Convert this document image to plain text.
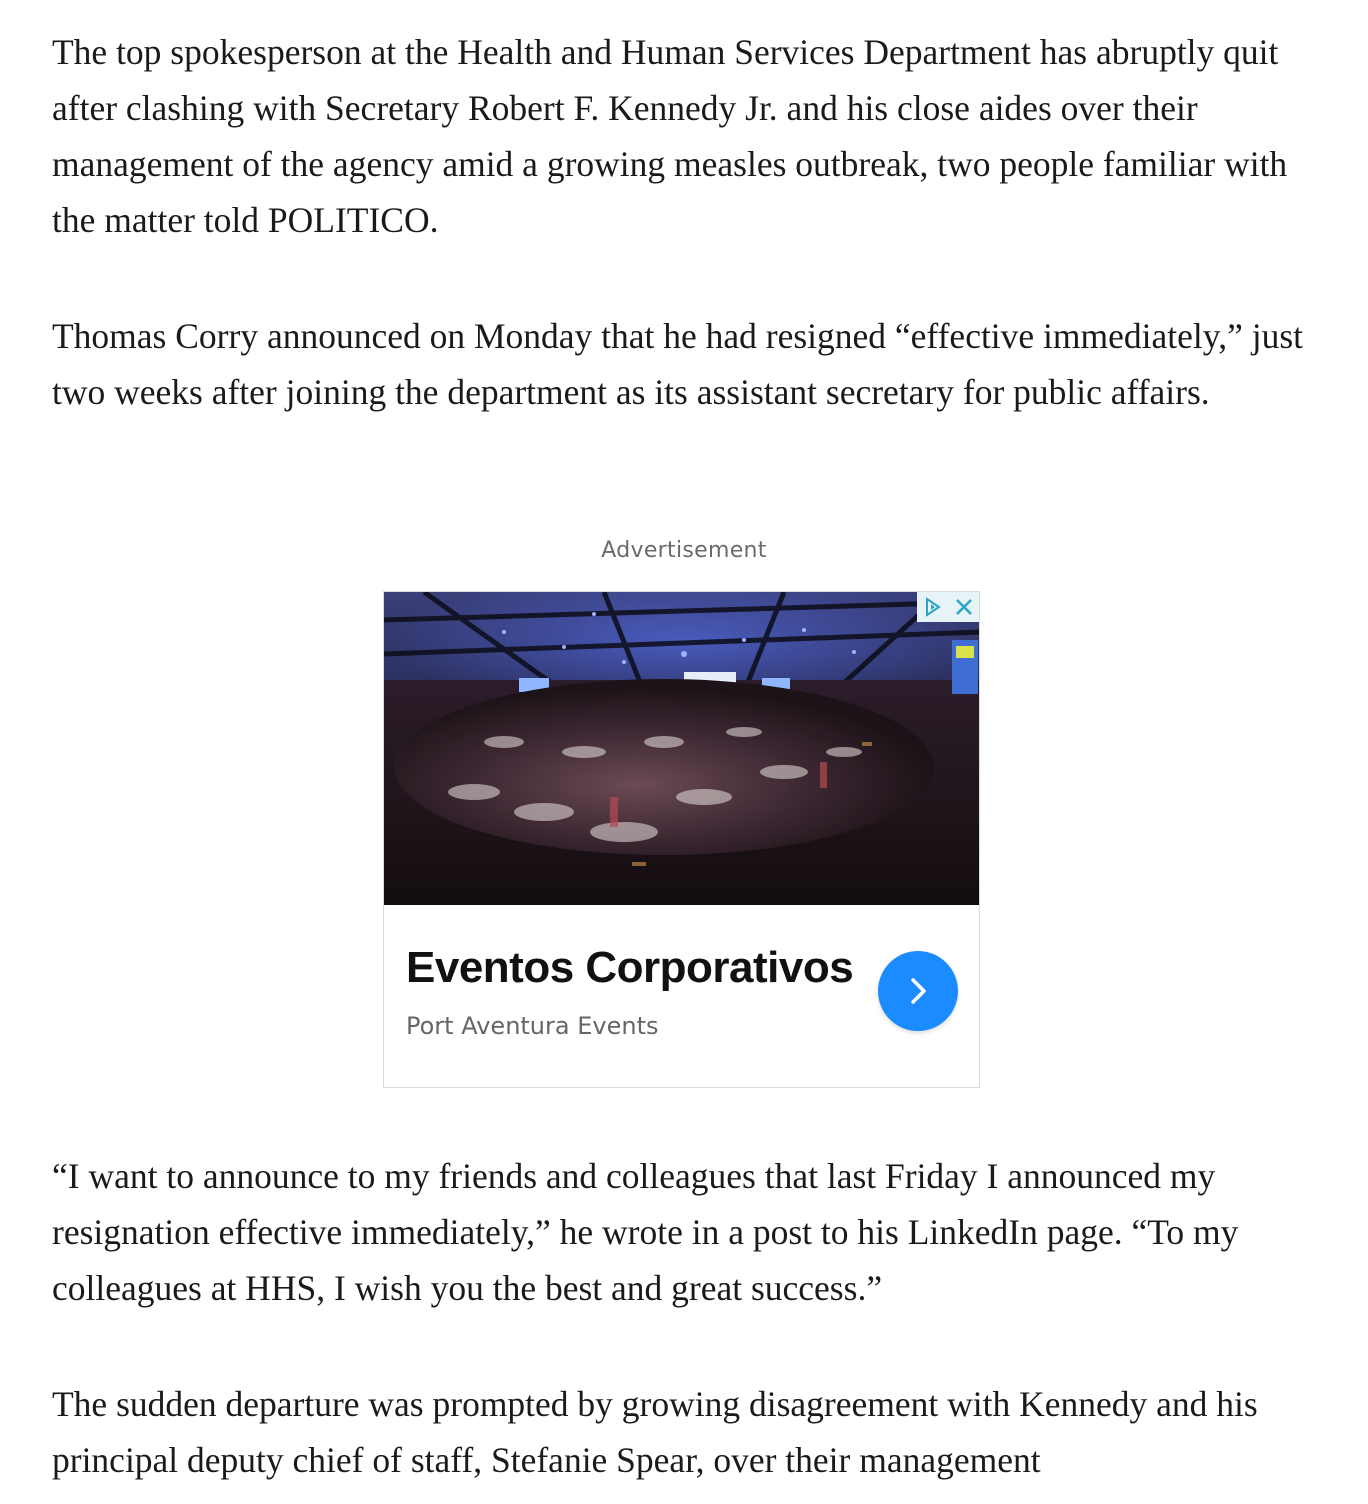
The top spokesperson at the Health and Human Services Department has abruptly quit after clashing with Secretary Robert F. Kennedy Jr. and his close aides over their management of the agency amid a growing measles outbreak, two people familiar with the matter told POLITICO.

Thomas Corry announced on Monday that he had resigned “effective immediately,” just two weeks after joining the department as its assistant secretary for public affairs.

Advertisement
Eventos Corporativos
Port Aventura Events

“I want to announce to my friends and colleagues that last Friday I announced my resignation effective immediately,” he wrote in a post to his LinkedIn page. “To my colleagues at HHS, I wish you the best and great success.”

The sudden departure was prompted by growing disagreement with Kennedy and his principal deputy chief of staff, Stefanie Spear, over their management
